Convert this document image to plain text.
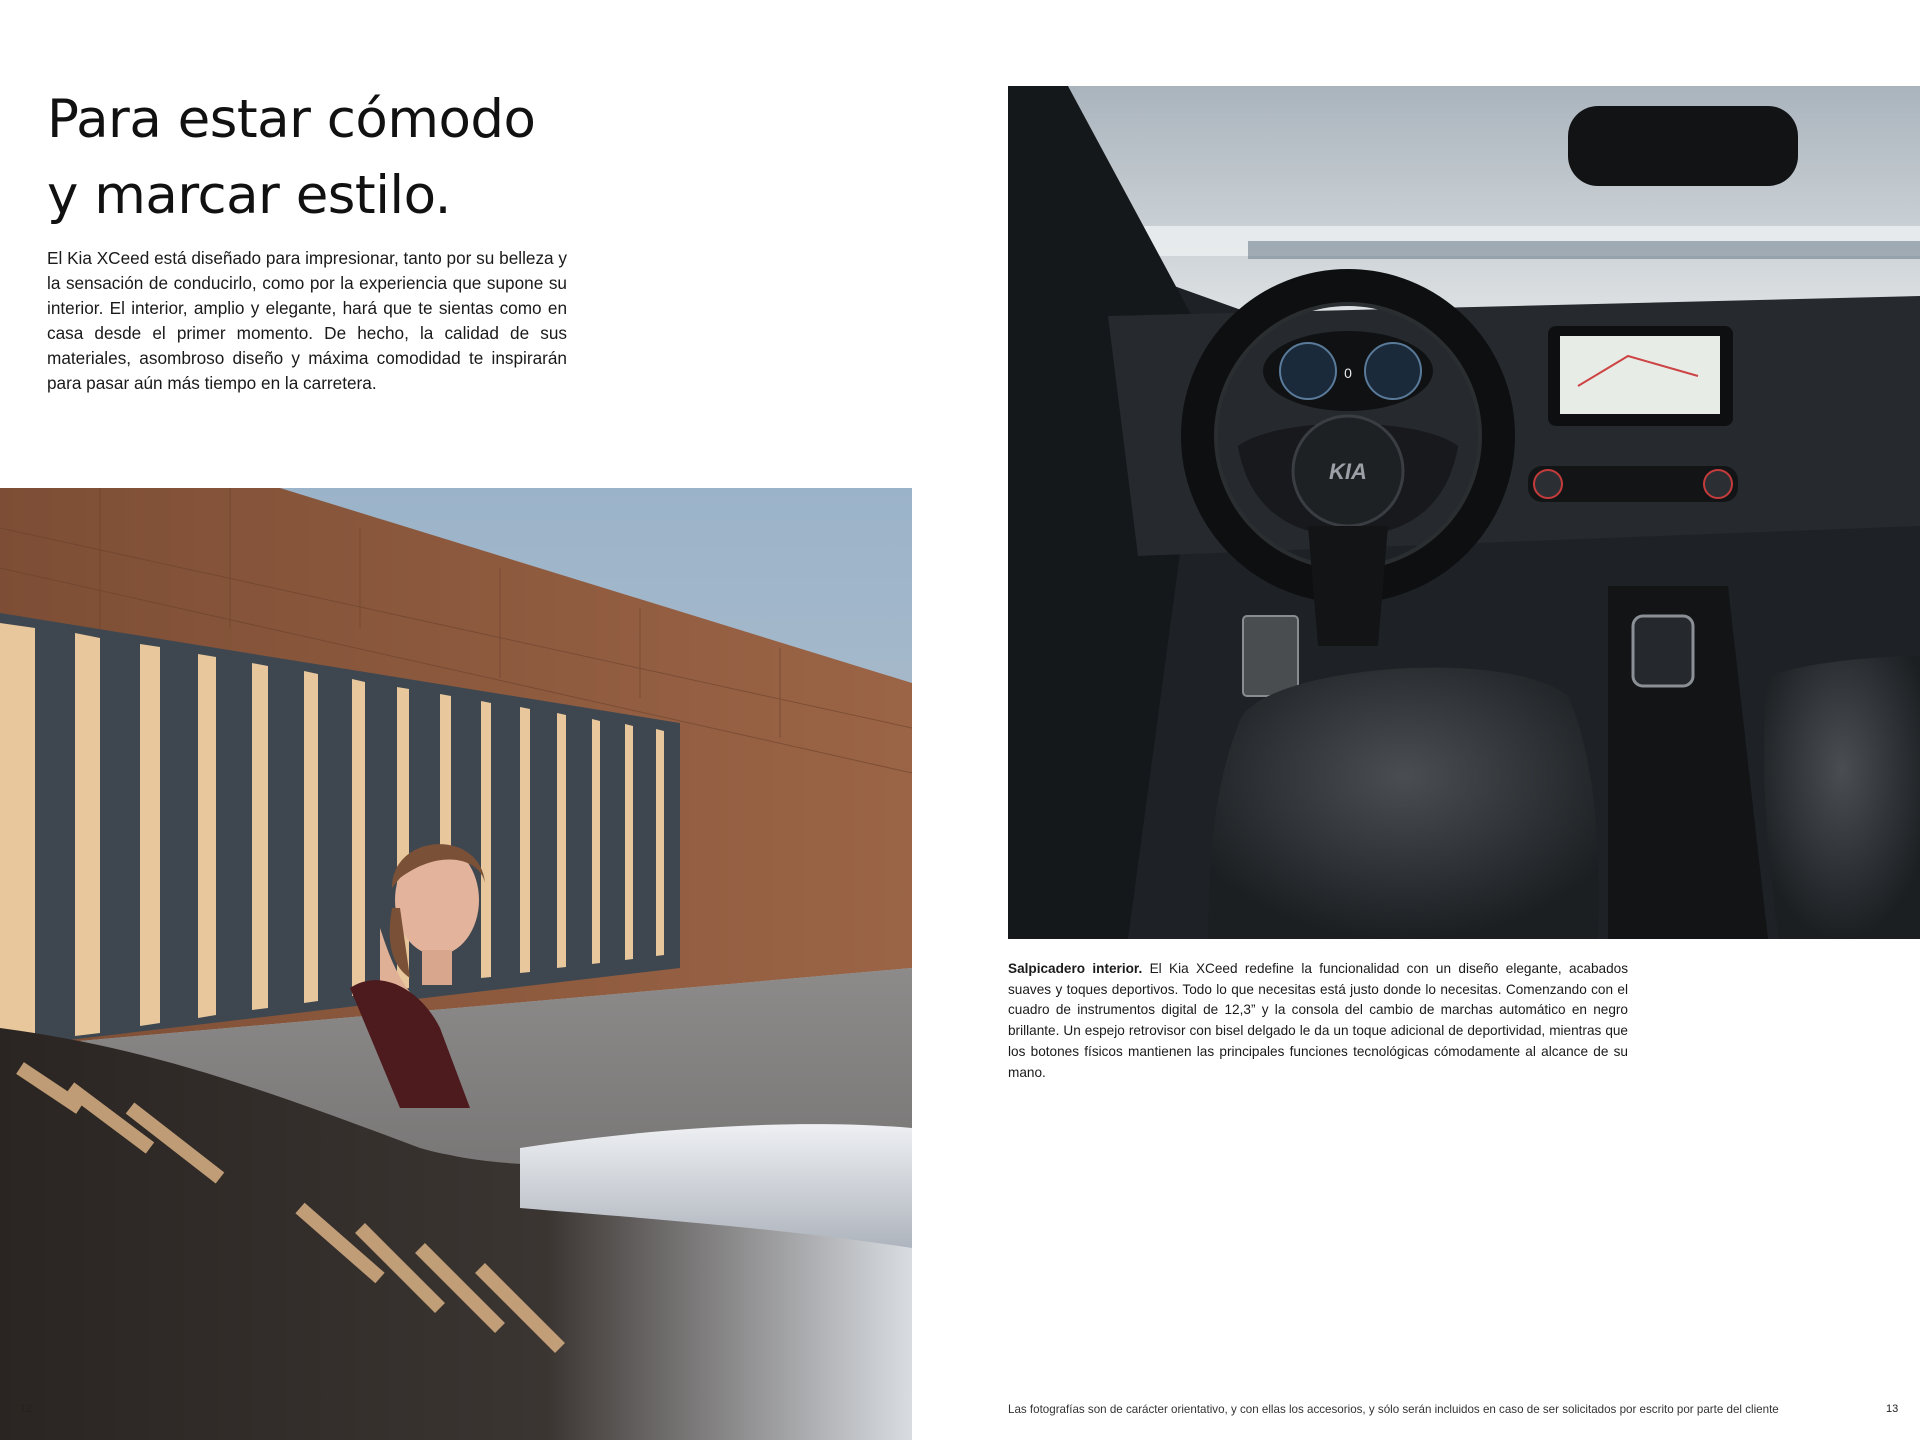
Para estar cómodo
y marcar estilo.

El Kia XCeed está diseñado para impresionar, tanto por su belleza y la sensación de conducirlo, como por la experiencia que supone su interior. El interior, amplio y elegante, hará que te sientas como en casa desde el primer momento. De hecho, la calidad de sus materiales, asombroso diseño y máxima comodidad te inspirarán para pasar aún más tiempo en la carretera.

12
0
KIA

Salpicadero interior. El Kia XCeed redefine la funcionalidad con un diseño elegante, acabados suaves y toques deportivos. Todo lo que necesitas está justo donde lo necesitas. Comenzando con el cuadro de instrumentos digital de 12,3” y la consola del cambio de marchas automático en negro brillante. Un espejo retrovisor con bisel delgado le da un toque adicional de deportividad, mientras que los botones físicos mantienen las principales funciones tecnológicas cómodamente al alcance de su mano.

Las fotografías son de carácter orientativo, y con ellas los accesorios, y sólo serán incluidos en caso de ser solicitados por escrito por parte del cliente	13
